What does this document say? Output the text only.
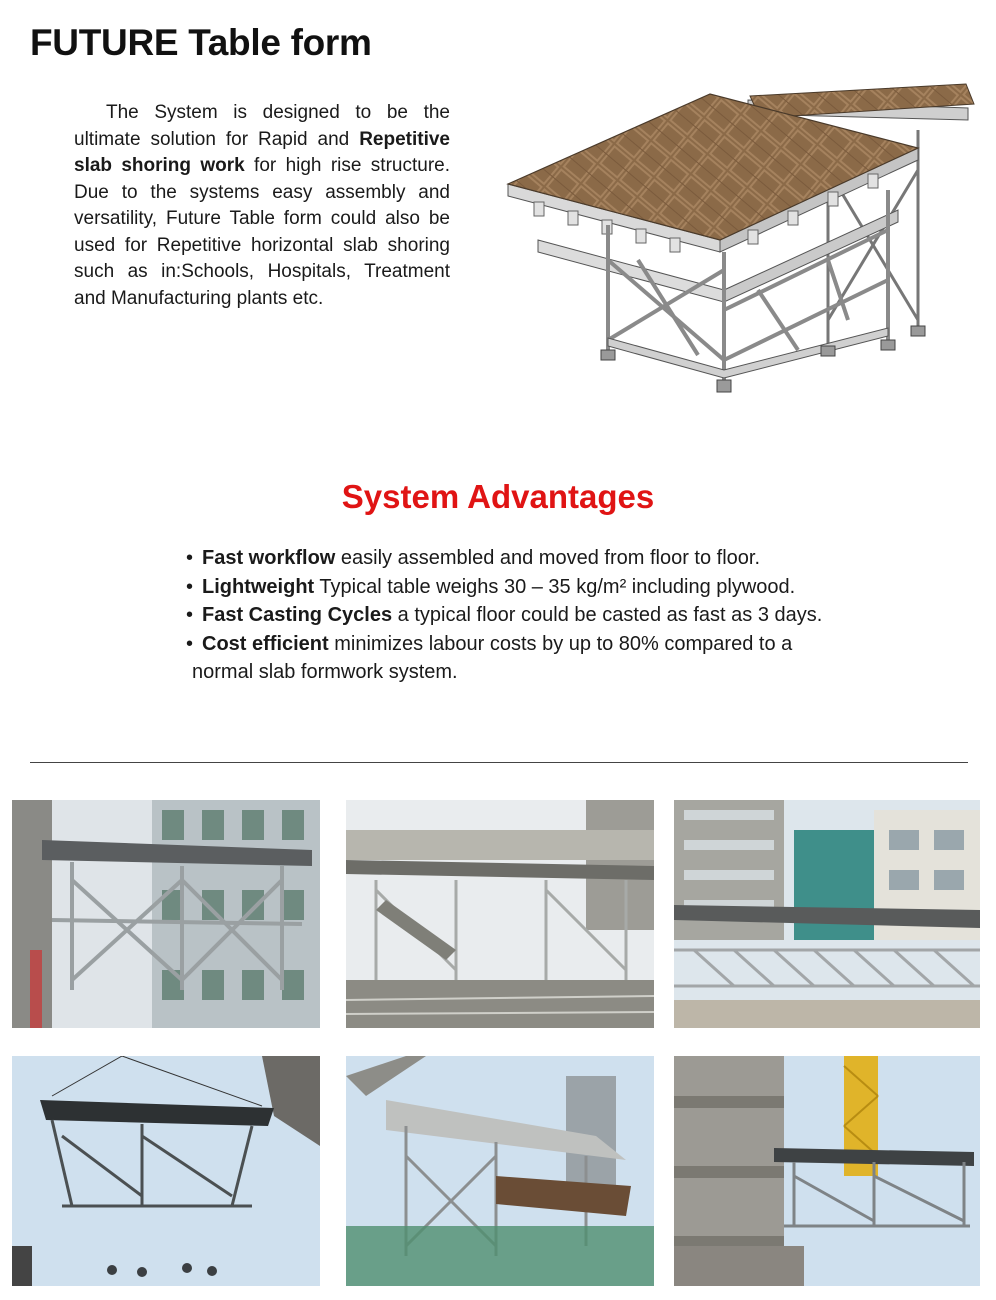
FUTURE Table form

The System is designed to be the ultimate solution for Rapid and Repetitive slab shoring work for high rise structure. Due to the systems easy assembly and versatility, Future Table form could also be used for Repetitive horizontal slab shoring such as in:Schools, Hospitals, Treatment and Manufacturing plants etc.

System Advantages
• Fast workflow easily assembled and moved from floor to floor.
• Lightweight Typical table weighs 30 – 35 kg/m² including plywood.
• Fast Casting Cycles a typical floor could be casted as fast as 3 days.
• Cost efficient minimizes labour costs by up to 80% compared to a
normal slab formwork system.
